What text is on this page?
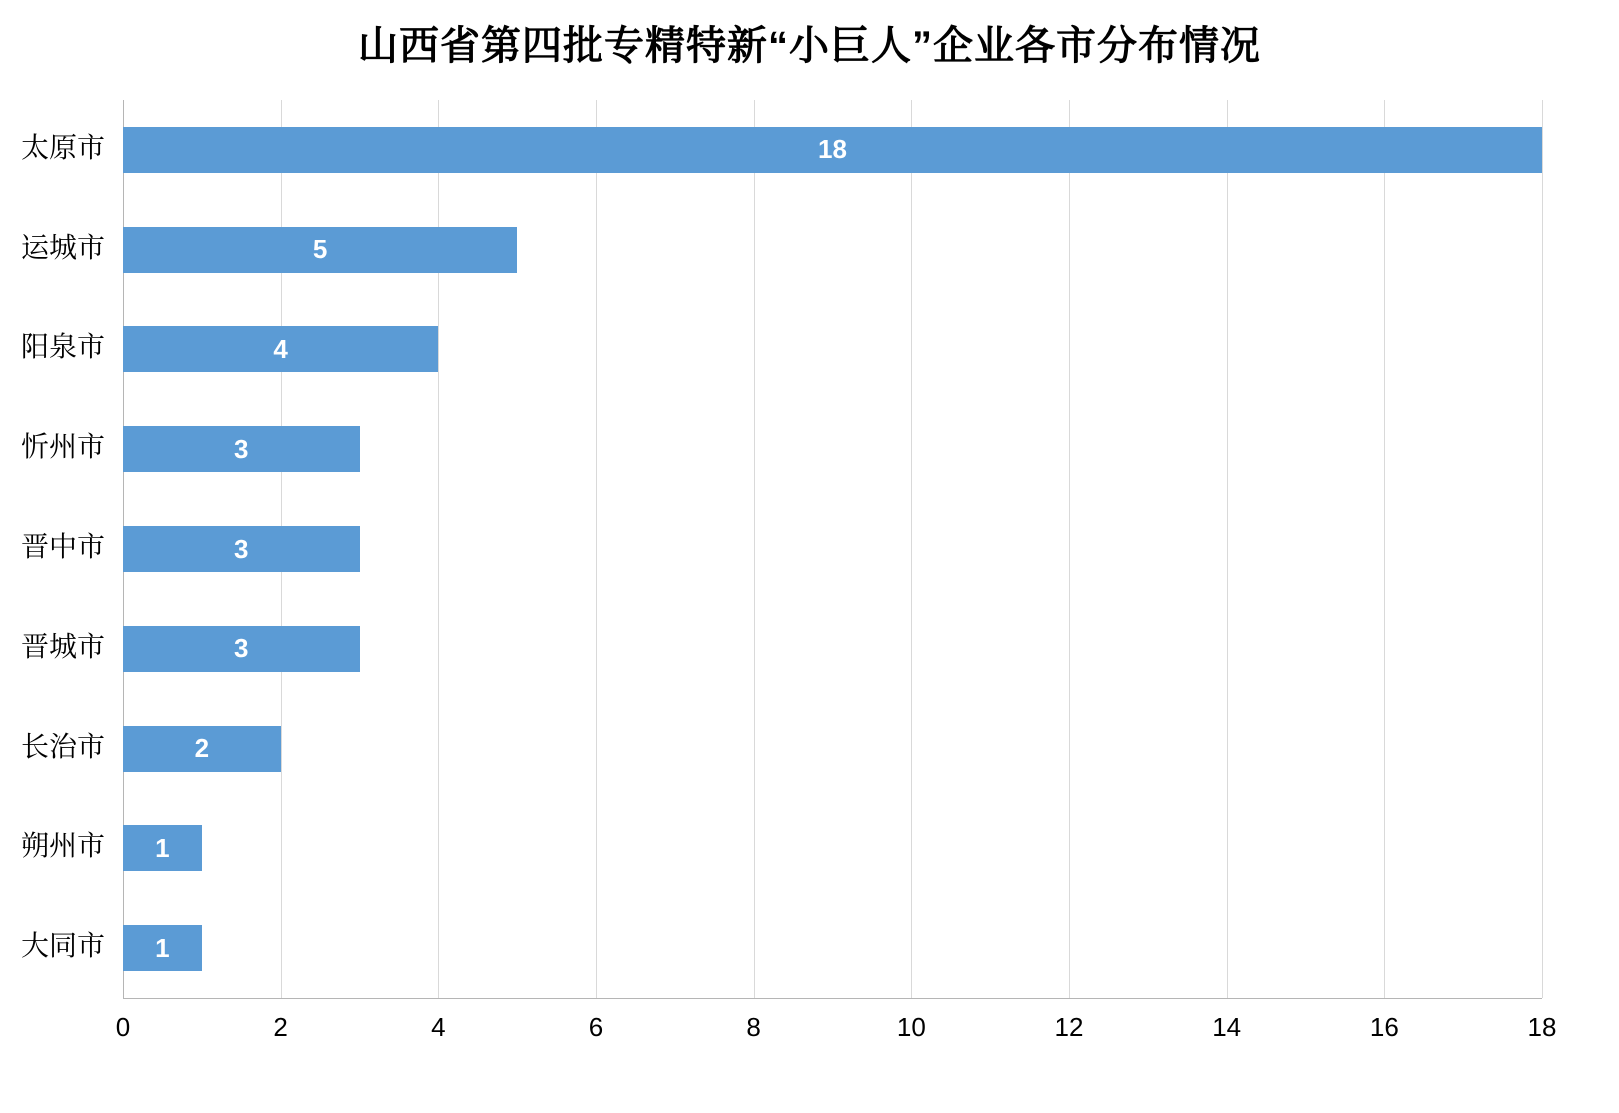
山西省第四批专精特新“小巨人”企业各市分布情况
18
5
4
3
3
3
2
1
1
太原市
运城市
阳泉市
忻州市
晋中市
晋城市
长治市
朔州市
大同市
0	2	4	6	8	10	12	14	16	18
